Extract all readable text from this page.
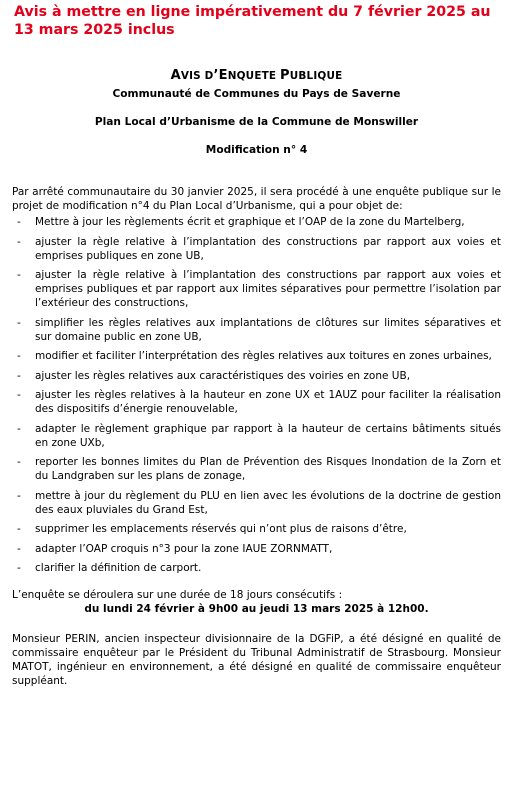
Avis à mettre en ligne impérativement du 7 février 2025 au 13 mars 2025 inclus
AVIS D’ENQUETE PUBLIQUE
Communauté de Communes du Pays de Saverne
Plan Local d’Urbanisme de la Commune de Monswiller
Modification n° 4
Par arrêté communautaire du 30 janvier 2025, il sera procédé à une enquête publique sur le projet de modification n°4 du Plan Local d’Urbanisme, qui a pour objet de:
- Mettre à jour les règlements écrit et graphique et l’OAP de la zone du Martelberg,
- ajuster la règle relative à l’implantation des constructions par rapport aux voies et emprises publiques en zone UB,
- ajuster la règle relative à l’implantation des constructions par rapport aux voies et emprises publiques et par rapport aux limites séparatives pour permettre l’isolation par l’extérieur des constructions,
- simplifier les règles relatives aux implantations de clôtures sur limites séparatives et sur domaine public en zone UB,
- modifier et faciliter l’interprétation des règles relatives aux toitures en zones urbaines,
- ajuster les règles relatives aux caractéristiques des voiries en zone UB,
- ajuster les règles relatives à la hauteur en zone UX et 1AUZ pour faciliter la réalisation des dispositifs d’énergie renouvelable,
- adapter le règlement graphique par rapport à la hauteur de certains bâtiments situés en zone UXb,
- reporter les bonnes limites du Plan de Prévention des Risques Inondation de la Zorn et du Landgraben sur les plans de zonage,
- mettre à jour du règlement du PLU en lien avec les évolutions de la doctrine de gestion des eaux pluviales du Grand Est,
- supprimer les emplacements réservés qui n’ont plus de raisons d’être,
- adapter l’OAP croquis n°3 pour la zone IAUE ZORNMATT,
- clarifier la définition de carport.
L’enquête se déroulera sur une durée de 18 jours consécutifs :
du lundi 24 février à 9h00 au jeudi 13 mars 2025 à 12h00.
Monsieur PERIN, ancien inspecteur divisionnaire de la DGFiP, a été désigné en qualité de commissaire enquêteur par le Président du Tribunal Administratif de Strasbourg. Monsieur MATOT, ingénieur en environnement, a été désigné en qualité de commissaire enquêteur suppléant.
